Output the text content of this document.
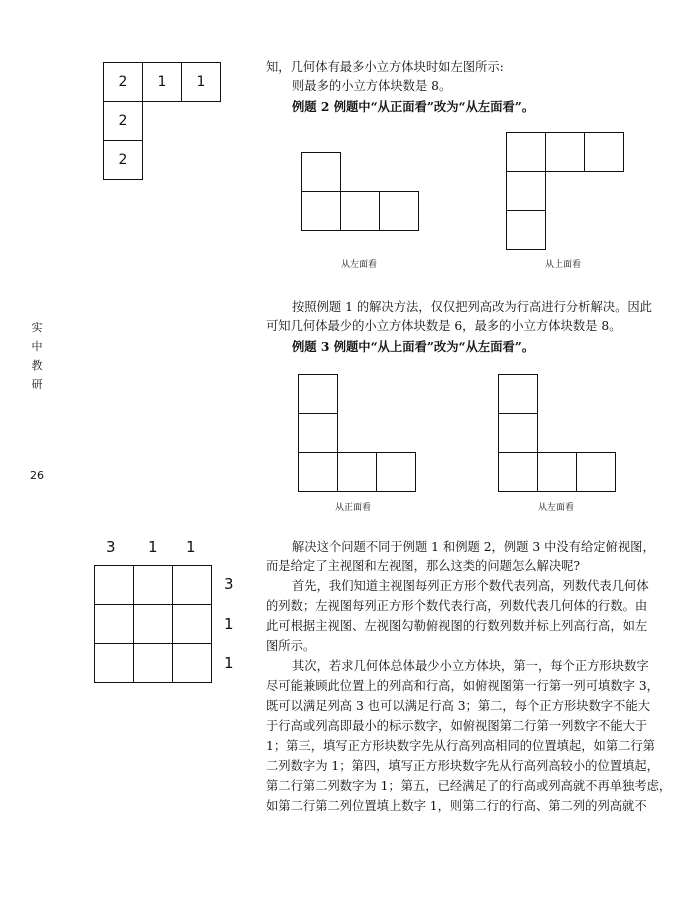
实
中
教
研
26
2	1	1
2
2
知，几何体有最多小立方体块时如左图所示:
则最多的小立方体块数是 8。
例题 2 例题中“从正面看”改为“从左面看”。
从左面看	从上面看
按照例题 1 的解决方法，仅仅把列高改为行高进行分析解决。因此
可知几何体最少的小立方体块数是 6，最多的小立方体块数是 8。
例题 3 例题中“从上面看”改为“从左面看”。
从正面看	从左面看
3 1 1
3
1
1
解决这个问题不同于例题 1 和例题 2，例题 3 中没有给定俯视图，
而是给定了主视图和左视图，那么这类的问题怎么解决呢?
首先，我们知道主视图每列正方形个数代表列高，列数代表几何体
的列数；左视图每列正方形个数代表行高，列数代表几何体的行数。由
此可根据主视图、左视图勾勒俯视图的行数列数并标上列高行高，如左
图所示。
其次，若求几何体总体最少小立方体块，第一，每个正方形块数字
尽可能兼顾此位置上的列高和行高，如俯视图第一行第一列可填数字 3，
既可以满足列高 3 也可以满足行高 3；第二，每个正方形块数字不能大
于行高或列高即最小的标示数字，如俯视图第二行第一列数字不能大于
1；第三，填写正方形块数字先从行高列高相同的位置填起，如第二行第
二列数字为 1；第四，填写正方形块数字先从行高列高较小的位置填起，
第二行第二列数字为 1；第五，已经满足了的行高或列高就不再单独考虑，
如第二行第二列位置填上数字 1，则第二行的行高、第二列的列高就不
